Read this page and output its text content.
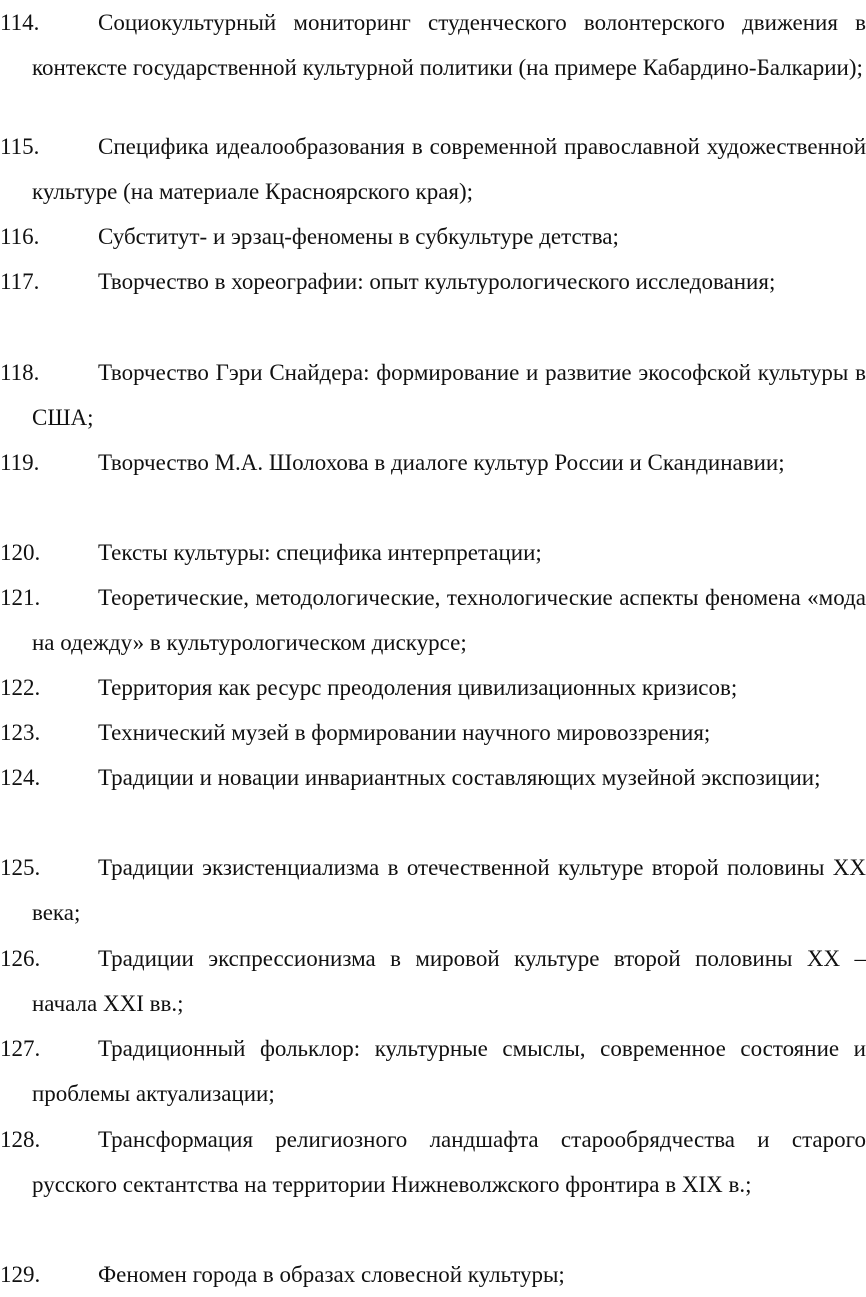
114.	Социокультурный мониторинг студенческого волонтерского движения в контексте государственной культурной политики (на примере Кабардино-Балкарии);
115.	Специфика идеалообразования в современной православной художественной культуре (на материале Красноярского края);
116.	Субститут- и эрзац-феномены в субкультуре детства;
117.	Творчество в хореографии: опыт культурологического исследования;
118.	Творчество Гэри Снайдера: формирование и развитие экософской культуры в США;
119.	Творчество М.А. Шолохова в диалоге культур России и Скандинавии;
120.	Тексты культуры: специфика интерпретации;
121.	Теоретические, методологические, технологические аспекты феномена «мода на одежду» в культурологическом дискурсе;
122.	Территория как ресурс преодоления цивилизационных кризисов;
123.	Технический музей в формировании научного мировоззрения;
124.	Традиции и новации инвариантных составляющих музейной экспозиции;
125.	Традиции экзистенциализма в отечественной культуре второй половины XX века;
126.	Традиции экспрессионизма в мировой культуре второй половины XX – начала XXI вв.;
127.	Традиционный фольклор: культурные смыслы, современное состояние и проблемы актуализации;
128.	Трансформация религиозного ландшафта старообрядчества и старого русского сектантства на территории Нижневолжского фронтира в XIX в.;
129.	Феномен города в образах словесной культуры;
